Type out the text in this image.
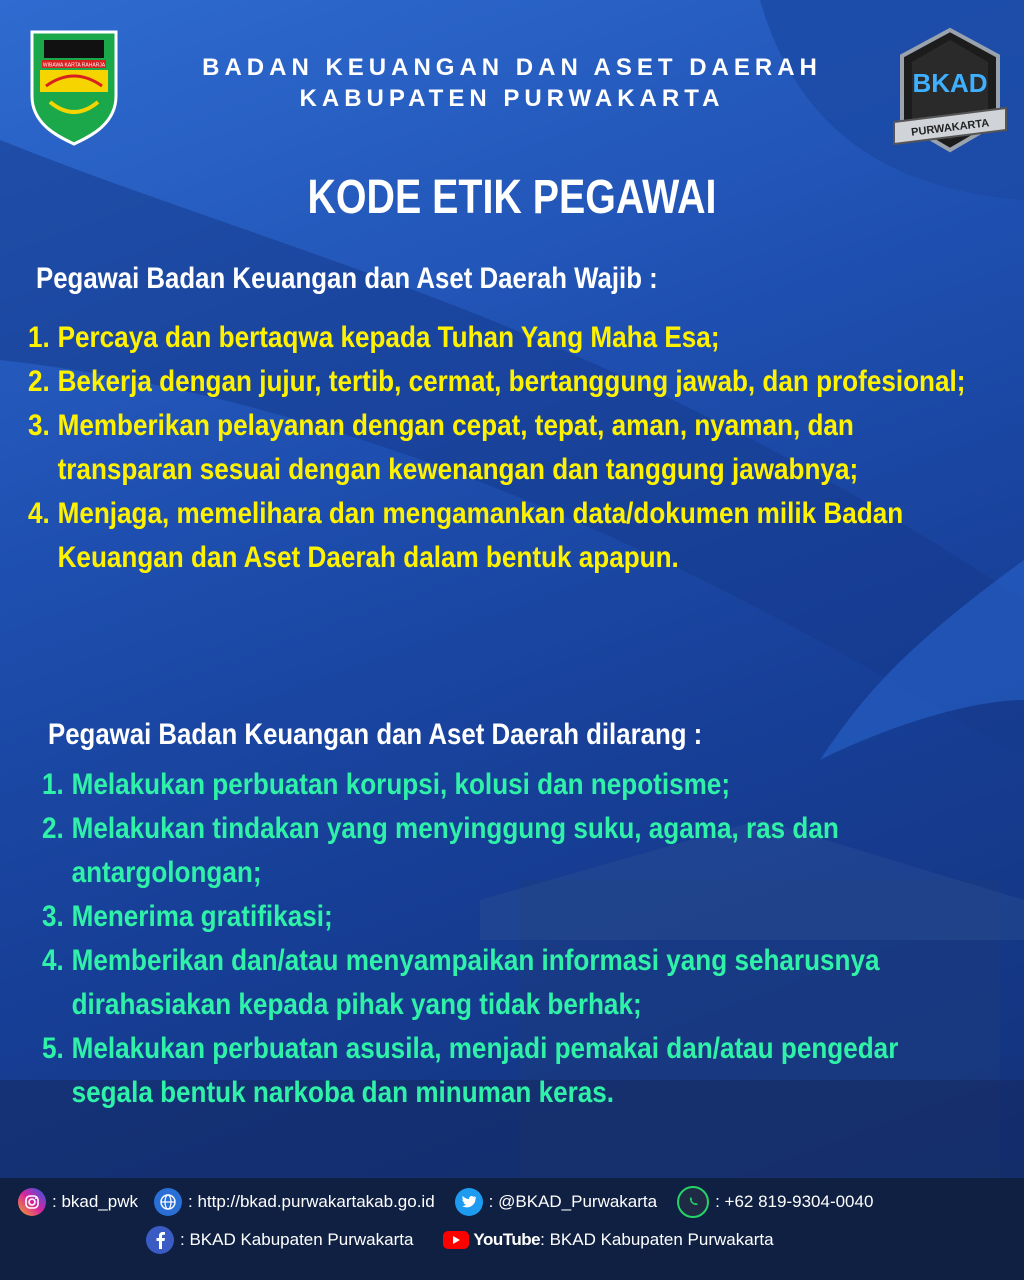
WIBAWA KARTA RAHARJA	BADAN KEUANGAN DAN ASET DAERAH
KABUPATEN PURWAKARTA
BKAD
PURWAKARTA
KODE ETIK PEGAWAI
Pegawai Badan Keuangan dan Aset Daerah Wajib :
1. Percaya dan bertaqwa kepada Tuhan Yang Maha Esa;
2. Bekerja dengan jujur, tertib, cermat, bertanggung jawab, dan profesional;
3. Memberikan pelayanan dengan cepat, tepat, aman, nyaman, dan transparan sesuai dengan kewenangan dan tanggung jawabnya;
4. Menjaga, memelihara dan mengamankan data/dokumen milik Badan Keuangan dan Aset Daerah dalam bentuk apapun.
Pegawai Badan Keuangan dan Aset Daerah dilarang :
1. Melakukan perbuatan korupsi, kolusi dan nepotisme;
2. Melakukan tindakan yang menyinggung suku, agama, ras dan antargolongan;
3. Menerima gratifikasi;
4. Memberikan dan/atau menyampaikan informasi yang seharusnya dirahasiakan kepada pihak yang tidak berhak;
5. Melakukan perbuatan asusila, menjadi pemakai dan/atau pengedar segala bentuk narkoba dan minuman keras.
: bkad_pwk	: http://bkad.purwakartakab.go.id	: @BKAD_Purwakarta	: +62 819-9304-0040
: BKAD Kabupaten Purwakarta	YouTube : BKAD Kabupaten Purwakarta
